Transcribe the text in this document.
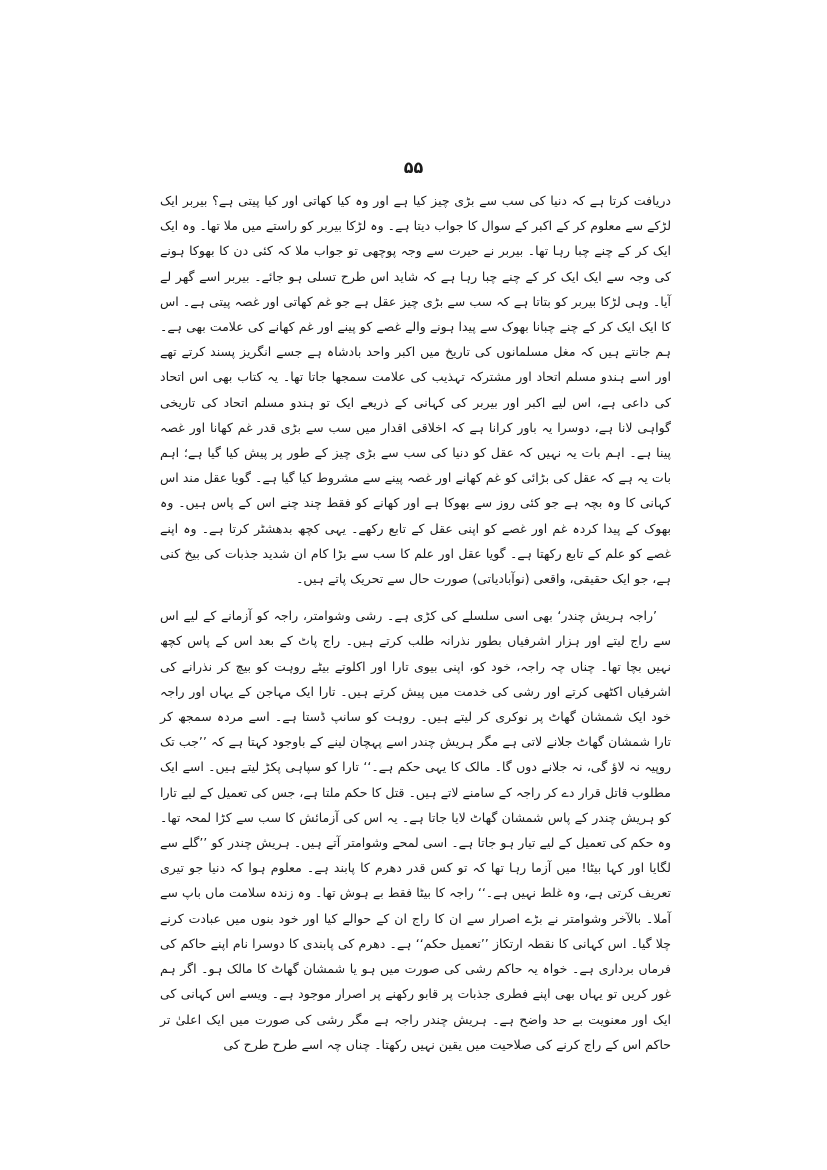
۵۵

دریافت کرتا ہے کہ دنیا کی سب سے بڑی چیز کیا ہے اور وہ کیا کھاتی اور کیا پیتی ہے؟ بیربر ایک لڑکے سے معلوم کر کے اکبر کے سوال کا جواب دیتا ہے۔ وہ لڑکا بیربر کو راستے میں ملا تھا۔ وہ ایک ایک کر کے چنے چبا رہا تھا۔ بیربر نے حیرت سے وجہ پوچھی تو جواب ملا کہ کئی دن کا بھوکا ہونے کی وجہ سے ایک ایک کر کے چنے چبا رہا ہے کہ شاید اس طرح تسلی ہو جائے۔ بیربر اسے گھر لے آیا۔ وہی لڑکا بیربر کو بتاتا ہے کہ سب سے بڑی چیز عقل ہے جو غم کھاتی اور غصہ پیتی ہے۔ اس کا ایک ایک کر کے چنے چبانا بھوک سے پیدا ہونے والے غصے کو پینے اور غم کھانے کی علامت بھی ہے۔ ہم جانتے ہیں کہ مغل مسلمانوں کی تاریخ میں اکبر واحد بادشاہ ہے جسے انگریز پسند کرتے تھے اور اسے ہندو مسلم اتحاد اور مشترکہ تہذیب کی علامت سمجھا جاتا تھا۔ یہ کتاب بھی اس اتحاد کی داعی ہے، اس لیے اکبر اور بیربر کی کہانی کے ذریعے ایک تو ہندو مسلم اتحاد کی تاریخی گواہی لانا ہے، دوسرا یہ باور کرانا ہے کہ اخلاقی اقدار میں سب سے بڑی قدر غم کھانا اور غصہ پینا ہے۔ اہم بات یہ نہیں کہ عقل کو دنیا کی سب سے بڑی چیز کے طور پر پیش کیا گیا ہے؛ اہم بات یہ ہے کہ عقل کی بڑائی کو غم کھانے اور غصہ پینے سے مشروط کیا گیا ہے۔ گویا عقل مند اس کہانی کا وہ بچہ ہے جو کئی روز سے بھوکا ہے اور کھانے کو فقط چند چنے اس کے پاس ہیں۔ وہ بھوک کے پیدا کردہ غم اور غصے کو اپنی عقل کے تابع رکھے۔ یہی کچھ بدھشٹر کرتا ہے۔ وہ اپنے غصے کو علم کے تابع رکھتا ہے۔ گویا عقل اور علم کا سب سے بڑا کام ان شدید جذبات کی بیخ کنی ہے، جو ایک حقیقی، واقعی (نوآبادیاتی) صورت حال سے تحریک پاتے ہیں۔

’راجہ ہریش چندر‘ بھی اسی سلسلے کی کڑی ہے۔ رشی وشوامتر، راجہ کو آزمانے کے لیے اس سے راج لیتے اور ہزار اشرفیاں بطور نذرانہ طلب کرتے ہیں۔ راج پاٹ کے بعد اس کے پاس کچھ نہیں بچا تھا۔ چناں چہ راجہ، خود کو، اپنی بیوی تارا اور اکلوتے بیٹے روہت کو بیچ کر نذرانے کی اشرفیاں اکٹھی کرتے اور رشی کی خدمت میں پیش کرتے ہیں۔ تارا ایک مہاجن کے یہاں اور راجہ خود ایک شمشان گھاٹ پر نوکری کر لیتے ہیں۔ روہت کو سانپ ڈستا ہے۔ اسے مردہ سمجھ کر تارا شمشان گھاٹ جلانے لاتی ہے مگر ہریش چندر اسے پہچان لینے کے باوجود کہتا ہے کہ ’’جب تک روپیہ نہ لاؤ گی، نہ جلانے دوں گا۔ مالک کا یہی حکم ہے۔‘‘ تارا کو سپاہی پکڑ لیتے ہیں۔ اسے ایک مطلوب قاتل قرار دے کر راجہ کے سامنے لاتے ہیں۔ قتل کا حکم ملتا ہے، جس کی تعمیل کے لیے تارا کو ہریش چندر کے پاس شمشان گھاٹ لایا جاتا ہے۔ یہ اس کی آزمائش کا سب سے کڑا لمحہ تھا۔ وہ حکم کی تعمیل کے لیے تیار ہو جاتا ہے۔ اسی لمحے وشوامتر آتے ہیں۔ ہریش چندر کو ’’گلے سے لگایا اور کہا بیٹا! میں آزما رہا تھا کہ تو کس قدر دھرم کا پابند ہے۔ معلوم ہوا کہ دنیا جو تیری تعریف کرتی ہے، وہ غلط نہیں ہے۔‘‘ راجہ کا بیٹا فقط بے ہوش تھا۔ وہ زندہ سلامت ماں باپ سے آملا۔ بالآخر وشوامتر نے بڑے اصرار سے ان کا راج ان کے حوالے کیا اور خود بنوں میں عبادت کرنے چلا گیا۔ اس کہانی کا نقطہ ارتکاز ’’تعمیل حکم‘‘ ہے۔ دھرم کی پابندی کا دوسرا نام اپنے حاکم کی فرماں برداری ہے۔ خواہ یہ حاکم رشی کی صورت میں ہو یا شمشان گھاٹ کا مالک ہو۔ اگر ہم غور کریں تو یہاں بھی اپنے فطری جذبات پر قابو رکھنے پر اصرار موجود ہے۔ ویسے اس کہانی کی ایک اور معنویت بے حد واضح ہے۔ ہریش چندر راجہ ہے مگر رشی کی صورت میں ایک اعلیٰ تر حاکم اس کے راج کرنے کی صلاحیت میں یقین نہیں رکھتا۔ چناں چہ اسے طرح طرح کی
